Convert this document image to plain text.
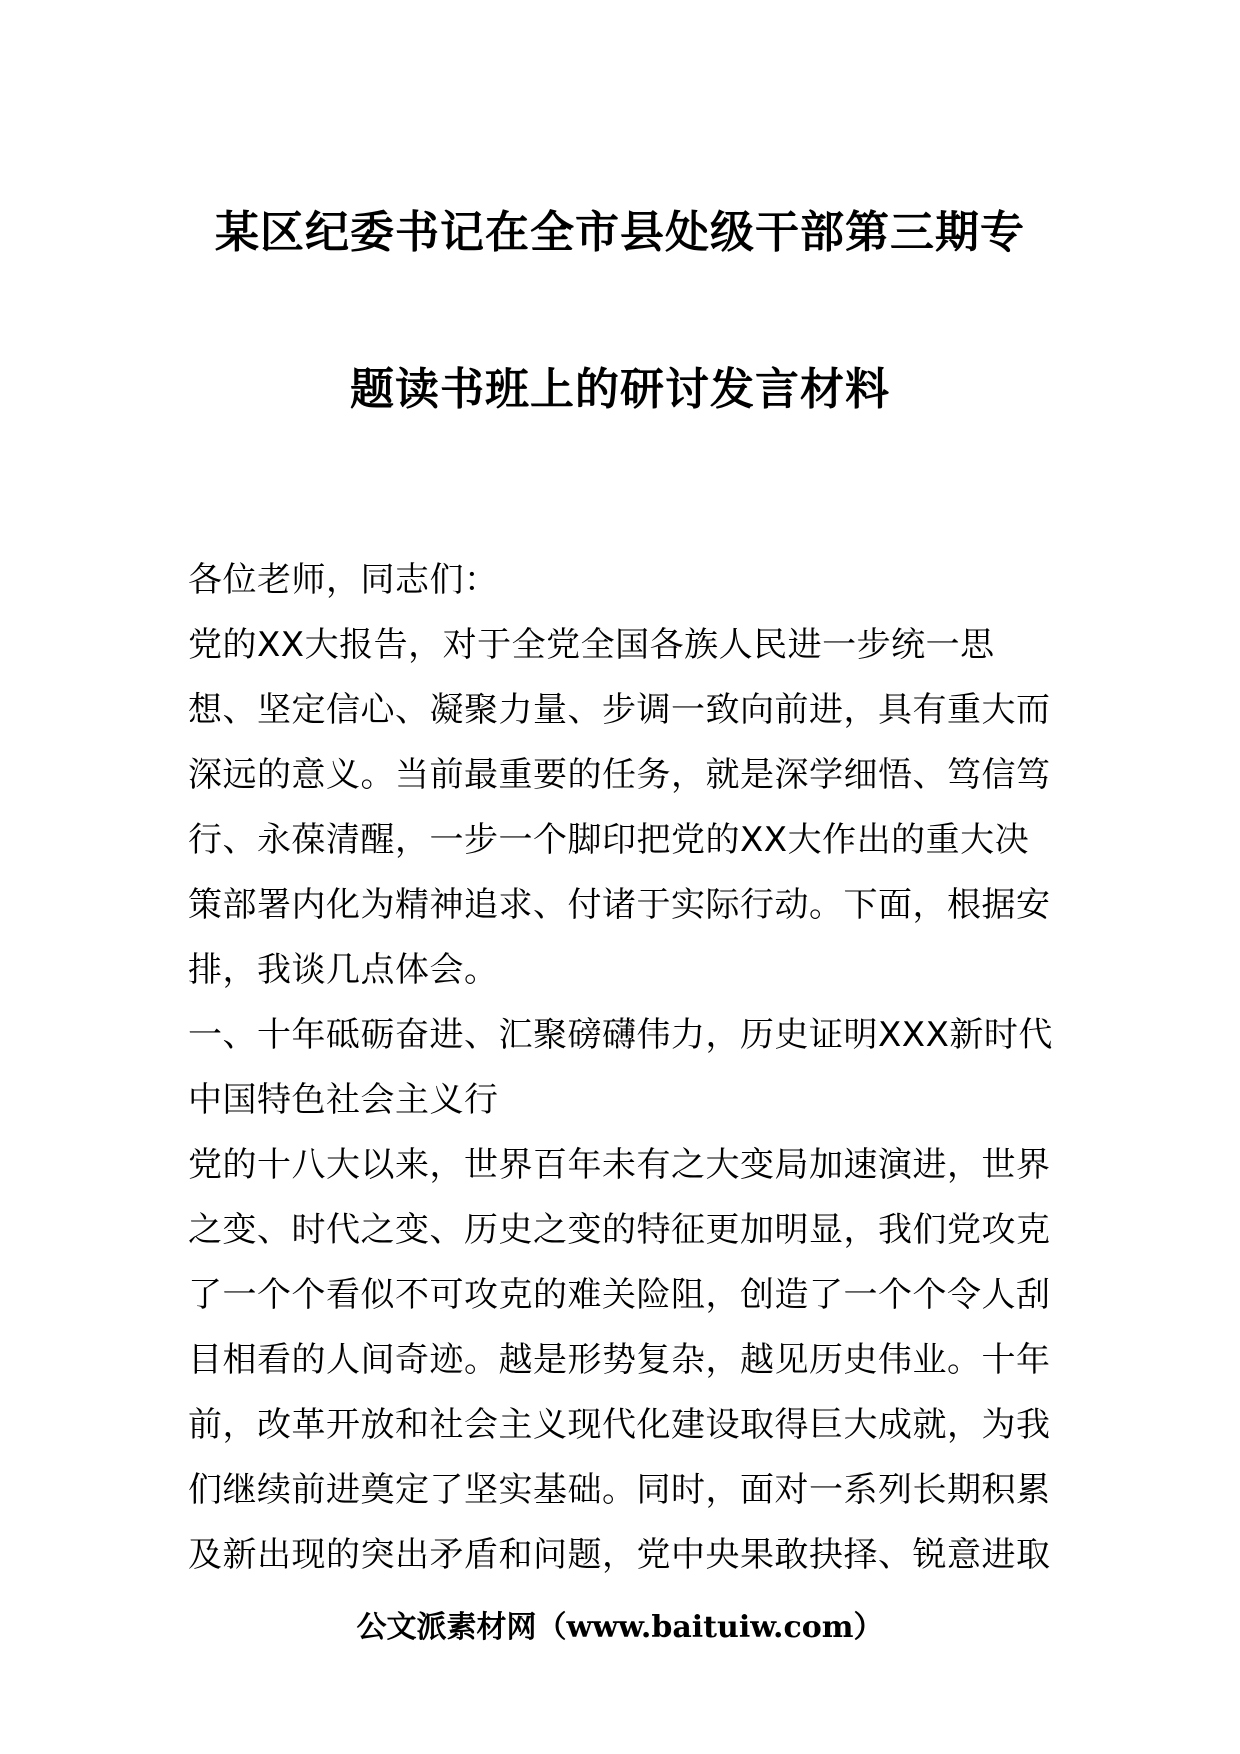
某区纪委书记在全市县处级干部第三期专
题读书班上的研讨发言材料

各位老师，同志们：

党的XX大报告，对于全党全国各族人民进一步统一思想、坚定信心、凝聚力量、步调一致向前进，具有重大而深远的意义。当前最重要的任务，就是深学细悟、笃信笃行、永葆清醒，一步一个脚印把党的XX大作出的重大决策部署内化为精神追求、付诸于实际行动。下面，根据安排，我谈几点体会。

一、十年砥砺奋进、汇聚磅礴伟力，历史证明XXX新时代中国特色社会主义行

党的十八大以来，世界百年未有之大变局加速演进，世界之变、时代之变、历史之变的特征更加明显，我们党攻克了一个个看似不可攻克的难关险阻，创造了一个个令人刮目相看的人间奇迹。越是形势复杂，越见历史伟业。十年前，改革开放和社会主义现代化建设取得巨大成就，为我们继续前进奠定了坚实基础。同时，面对一系列长期积累及新出现的突出矛盾和问题，党中央果敢抉择、锐意进取

公文派素材网（www.baituiw.com）
